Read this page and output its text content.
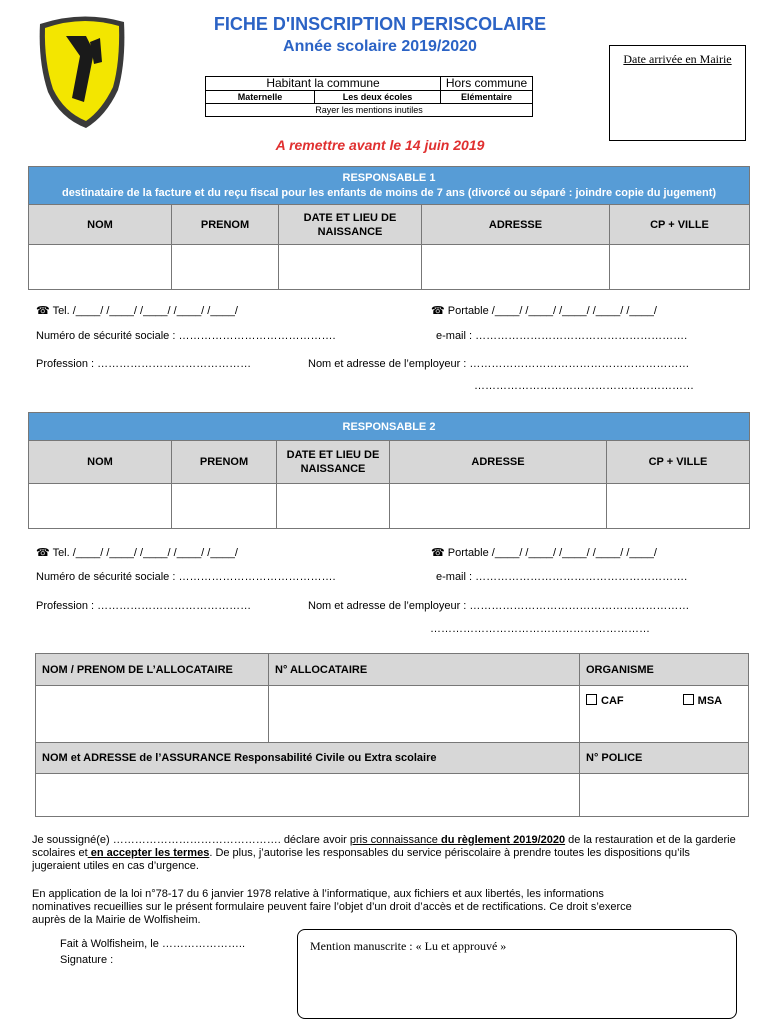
FICHE D'INSCRIPTION PERISCOLAIRE
Année scolaire 2019/2020
Date arrivée en Mairie
Habitant la commune		Hors commune
Maternelle	Les deux écoles	Elémentaire
Rayer les mentions inutiles		
A remettre avant le 14 juin 2019
RESPONSABLE 1
destinataire de la facture et du reçu fiscal pour les enfants de moins de 7 ans (divorcé ou séparé : joindre copie du jugement)				

NOM	PRENOM	DATE ET LIEU DE NAISSANCE	ADRESSE	CP + VILLE

☎ Tel. /____/ /____/ /____/ /____/ /____/	☎ Portable /____/ /____/ /____/ /____/ /____/
Numéro de sécurité sociale : …………………………………….	e-mail : ………………………………………………….
Profession : ……………………………………	Nom et adresse de l’employeur : ……………………………………………………
……………………………………………………
RESPONSABLE 2				
NOM	PRENOM	DATE ET LIEU DE NAISSANCE	ADRESSE	CP + VILLE

☎ Tel. /____/ /____/ /____/ /____/ /____/	☎ Portable /____/ /____/ /____/ /____/ /____/
Numéro de sécurité sociale : …………………………………….	e-mail : ………………………………………………….
Profession : ……………………………………	Nom et adresse de l’employeur : ……………………………………………………
……………………………………………………
NOM / PRENOM DE L’ALLOCATAIRE	N° ALLOCATAIRE	ORGANISME
		CAF MSA
NOM et ADRESSE de l’ASSURANCE Responsabilité Civile ou Extra scolaire		N° POLICE

Je soussigné(e) ………………………………………. déclare avoir pris connaissance du règlement 2019/2020 de la restauration et de la garderie scolaires et en accepter les termes. De plus, j’autorise les responsables du service périscolaire à prendre toutes les dispositions qu’ils jugeraient utiles en cas d’urgence.
En application de la loi n°78-17 du 6 janvier 1978 relative à l’informatique, aux fichiers et aux libertés, les informations nominatives recueillies sur le présent formulaire peuvent faire l’objet d’un droit d’accès et de rectifications. Ce droit s’exerce auprès de la Mairie de Wolfisheim.
Fait à Wolfisheim, le …………………..
Signature :
Mention manuscrite : « Lu et approuvé »
